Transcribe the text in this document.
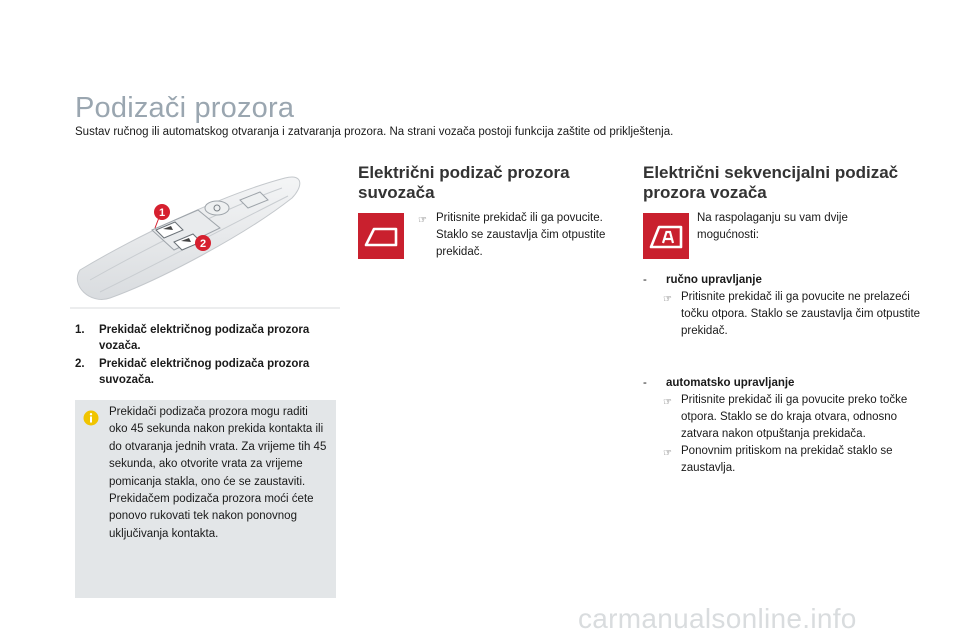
Podizači prozora
Sustav ručnog ili automatskog otvaranja i zatvaranja prozora. Na strani vozača postoji funkcija zaštite od priklještenja.
1
2
1.	Prekidač električnog podizača prozora vozača.
2.	Prekidač električnog podizača prozora suvozača.
Prekidači podizača prozora mogu raditi oko 45 sekunda nakon prekida kontakta ili do otvaranja jednih vrata. Za vrijeme tih 45 sekunda, ako otvorite vrata za vrijeme pomicanja stakla, ono će se zaustaviti. Prekidačem podizača prozora moći ćete ponovo rukovati tek nakon ponovnog uključivanja kontakta.
Električni podizač prozora suvozača
☞ Pritisnite prekidač ili ga povucite. Staklo se zaustavlja čim otpustite prekidač.
Električni sekvencijalni podizač prozora vozača
Na raspolaganju su vam dvije mogućnosti:
-	ručno upravljanje
☞ Pritisnite prekidač ili ga povucite ne prelazeći točku otpora. Staklo se zaustavlja čim otpustite prekidač.
-	automatsko upravljanje
☞ Pritisnite prekidač ili ga povucite preko točke otpora. Staklo se do kraja otvara, odnosno zatvara nakon otpuštanja prekidača.
☞ Ponovnim pritiskom na prekidač staklo se zaustavlja.
carmanualsonline.info
